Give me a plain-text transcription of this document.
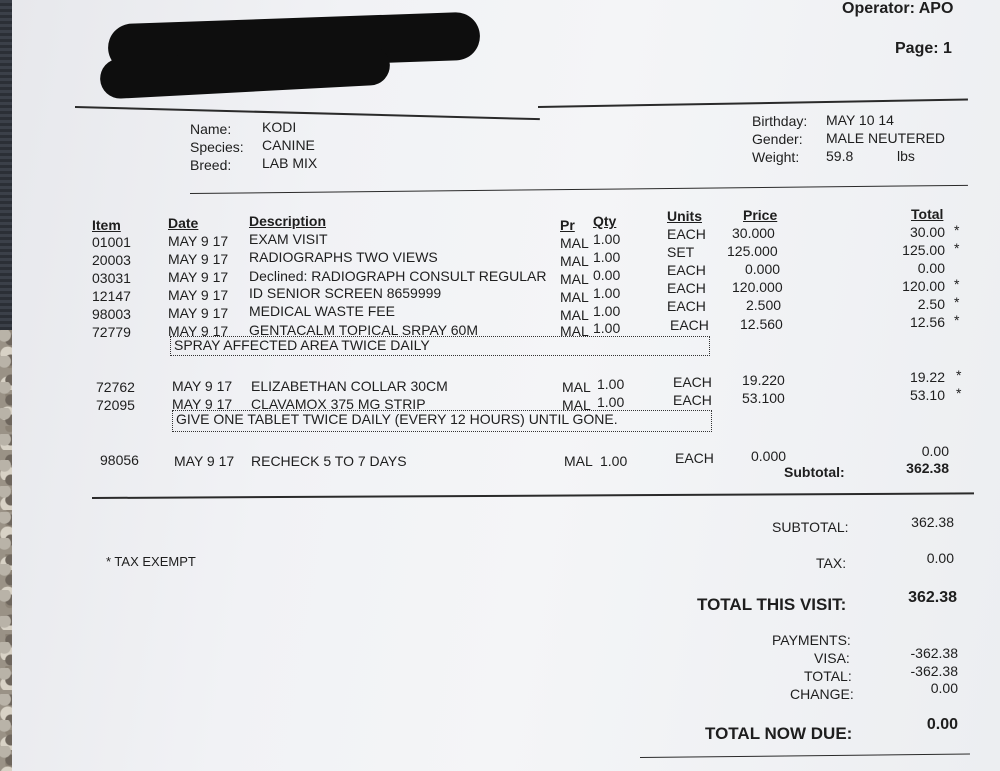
Operator: APO
Page: 1
Name: KODI
Species: CANINE
Breed: LAB MIX
Birthday: MAY 10 14
Gender: MALE NEUTERED
Weight: 59.8	lbs
Item	Date	Description	Pr Qty	Units	Price	Total
01001	MAY 9 17 EXAM VISIT	MAL 1.00	EACH 30.000	30.00 *
20003	MAY 9 17 RADIOGRAPHS TWO VIEWS	MAL 1.00	SET 125.000	125.00 *
03031	MAY 9 17 Declined: RADIOGRAPH CONSULT REGULAR MAL 0.00	EACH	0.000	0.00
12147	MAY 9 17 ID SENIOR SCREEN 8659999	MAL 1.00	EACH 120.000	120.00 *
98003	MAY 9 17 MEDICAL WASTE FEE	MAL 1.00	EACH	2.500	2.50 *
72779	MAY 9 17 GENTACALM TOPICAL SRPAY 60M	MAL 1.00	EACH 12.560	12.56 *
SPRAY AFFECTED AREA TWICE DAILY
72762	MAY 9 17 ELIZABETHAN COLLAR 30CM	MAL 1.00	EACH 19.220	19.22 *
72095	MAY 9 17 CLAVAMOX 375 MG STRIP	MAL 1.00	EACH 53.100	53.10 *
GIVE ONE TABLET TWICE DAILY (EVERY 12 HOURS) UNTIL GONE.
98056	MAY 9 17 RECHECK 5 TO 7 DAYS	MAL 1.00	EACH	0.000	0.00
Subtotal:	362.38
* TAX EXEMPT
SUBTOTAL:	362.38
TAX:	0.00
TOTAL THIS VISIT:	362.38
PAYMENTS:
VISA:	-362.38
TOTAL:	-362.38
CHANGE:	0.00
TOTAL NOW DUE:	0.00
